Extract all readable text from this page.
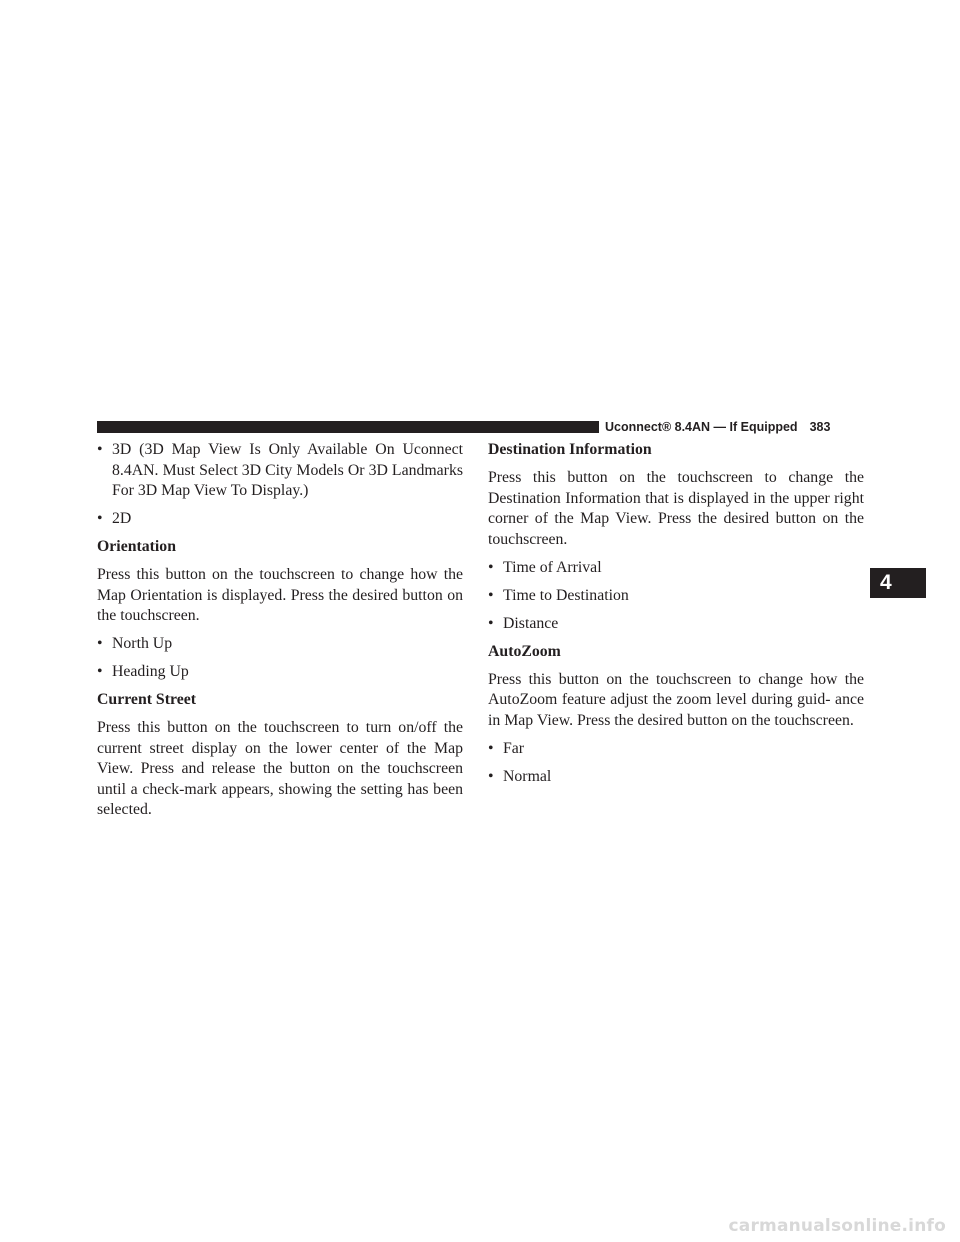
Uconnect® 8.4AN — If Equipped 383
4

• 3D (3D Map View Is Only Available On Uconnect 8.4AN. Must Select 3D City Models Or 3D Landmarks For 3D Map View To Display.)

• 2D

Orientation

Press this button on the touchscreen to change how the Map Orientation is displayed. Press the desired button on the touchscreen.

• North Up

• Heading Up

Current Street

Press this button on the touchscreen to turn on/off the current street display on the lower center of the Map View. Press and release the button on the touchscreen until a check-mark appears, showing the setting has been selected.

Destination Information

Press this button on the touchscreen to change the Destination Information that is displayed in the upper right corner of the Map View. Press the desired button on the touchscreen.

• Time of Arrival

• Time to Destination

• Distance

AutoZoom

Press this button on the touchscreen to change how the AutoZoom feature adjust the zoom level during guid- ance in Map View. Press the desired button on the touchscreen.

• Far

• Normal

carmanualsonline.info
